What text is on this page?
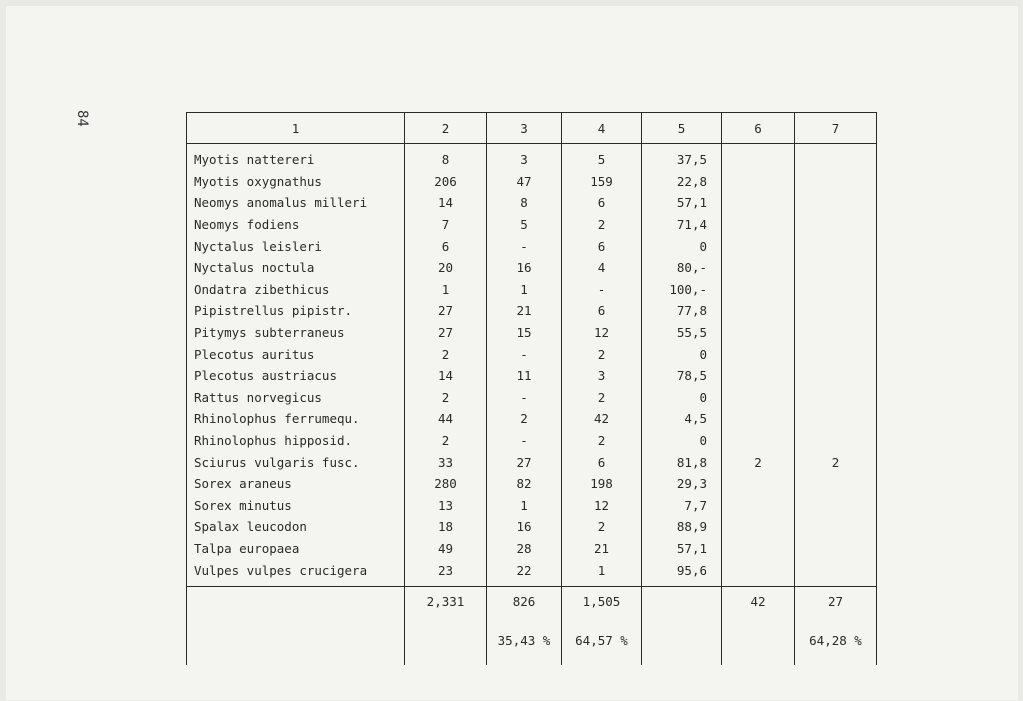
84
1	2	3	4	5	6	7
Myotis nattereri	8	3	5	37,5		
Myotis oxygnathus	206	47	159	22,8		
Neomys anomalus milleri	14	8	6	57,1		
Neomys fodiens	7	5	2	71,4		
Nyctalus leisleri	6	-	6	0		
Nyctalus noctula	20	16	4	80,-		
Ondatra zibethicus	1	1	-	100,-		
Pipistrellus pipistr.	27	21	6	77,8		
Pitymys subterraneus	27	15	12	55,5		
Plecotus auritus	2	-	2	0		
Plecotus austriacus	14	11	3	78,5		
Rattus norvegicus	2	-	2	0		
Rhinolophus ferrumequ.	44	2	42	4,5		
Rhinolophus hipposid.	2	-	2	0		
Sciurus vulgaris fusc.	33	27	6	81,8	2	2
Sorex araneus	280	82	198	29,3		
Sorex minutus	13	1	12	7,7		
Spalax leucodon	18	16	2	88,9		
Talpa europaea	49	28	21	57,1		
Vulpes vulpes crucigera	23	22	1	95,6		
	2,331	826	1,505		42	27
		35,43 %	64,57 %			64,28 %
